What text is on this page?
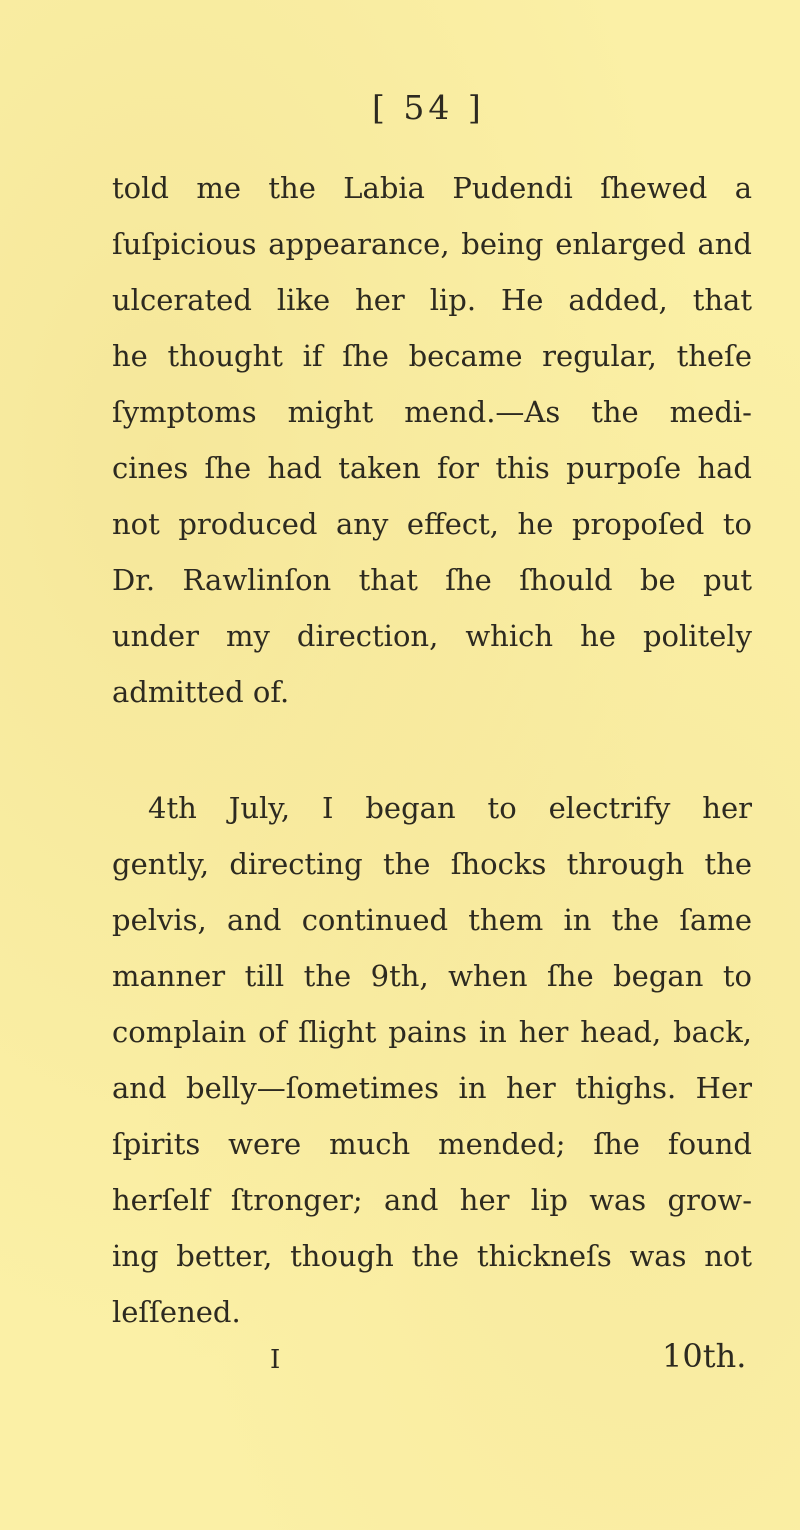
[ 54 ]
told me the Labia Pudendi ſhewed a
ſuſpicious appearance, being enlarged and
ulcerated like her lip. He added, that
he thought if ſhe became regular, theſe
ſymptoms might mend.—As the medi-
cines ſhe had taken for this purpoſe had
not produced any effect, he propoſed to
Dr. Rawlinſon that ſhe ſhould be put
under my direction, which he politely
admitted of.
4th July, I began to electrify her
gently, directing the ſhocks through the
pelvis, and continued them in the ſame
manner till the 9th, when ſhe began to
complain of ſlight pains in her head, back,
and belly—ſometimes in her thighs. Her
ſpirits were much mended; ſhe found
herſelf ſtronger; and her lip was grow-
ing better, though the thickneſs was not
leſſened.
I	10th.
